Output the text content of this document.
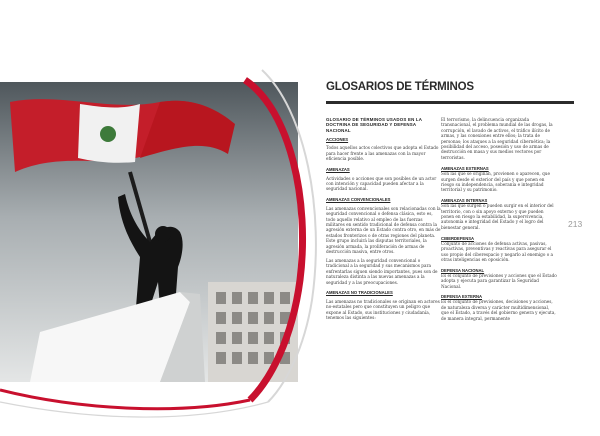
GLOSARIOS DE TÉRMINOS
213

GLOSARIO DE TÉRMINOS USADOS EN LA DOCTRINA DE SEGURIDAD Y DEFENSA NACIONAL

ACCIONES

Todos aquellos actos colectivos que adopta el Estado para hacer frente a las amenazas con la mayor eficiencia posible.

AMENAZAS

Actividades o acciones que son posibles de un actor con intención y capacidad pueden afectar a la seguridad nacional.

AMENAZAS CONVENCIONALES

Las amenazas convencionales son relacionadas con la seguridad convencional o defensa clásica, esto es, todo aquello relativo al empleo de las fuerzas militares en sentido tradicional de defensa contra la agresión externa de un Estado contra otro, en más de estados fronterizos o de otras regiones del planeta. Este grupo incluirá las disputas territoriales, la agresión armada, la proliferación de armas de destrucción masiva, entre otros.

Las amenazas a la seguridad convencional o tradicional a la seguridad y sus mecanismos para enfrentarlas siguen siendo importantes, pues son de naturaleza distinta a las nuevas amenazas a la seguridad y a las preocupaciones.

AMENAZAS NO TRADICIONALES

Las amenazas no tradicionales se originan en actores no-estatales pero que constituyen un peligro que expone al Estado, sus instituciones y ciudadanía, tenemos las siguientes:

El terrorismo, la delincuencia organizada transnacional, el problema mundial de las drogas, la corrupción, el lavado de activos, el tráfico ilícito de armas, y las conexiones entre ellos; la trata de personas; los ataques a la seguridad cibernética; la posibilidad del acceso, posesión y uso de armas de destrucción en masa y sus medios vectores por terroristas.

AMENAZAS EXTERNAS

Son las que se originan, provienen o aparecen, que surgen desde el exterior del país y que ponen en riesgo su independencia, soberanía e integridad territorial y su patrimonio.

AMENAZAS INTERNAS

Son las que surgen o pueden surgir en el interior del territorio, con o sin apoyo externo y que pueden ponen en riesgo la estabilidad, la supervivencia, autonomía e integridad del Estado y el logro del bienestar general.

CIBERDEFENSA

Conjunto de acciones de defensa activas, pasivas, proactivas, preventivas y reactivas para asegurar el uso propio del ciberespacio y negarlo al enemigo o a otras inteligencias en oposición.

DEFENSA NACIONAL

Es el conjunto de previsiones y acciones que el Estado adopta y ejecuta para garantizar la Seguridad Nacional.

DEFENSA EXTERNA

Es el conjunto de previsiones, decisiones y acciones, de naturaleza diversa y carácter multidimensional, que el Estado, a través del gobierno genera y ejecuta, de manera integral, permanente
